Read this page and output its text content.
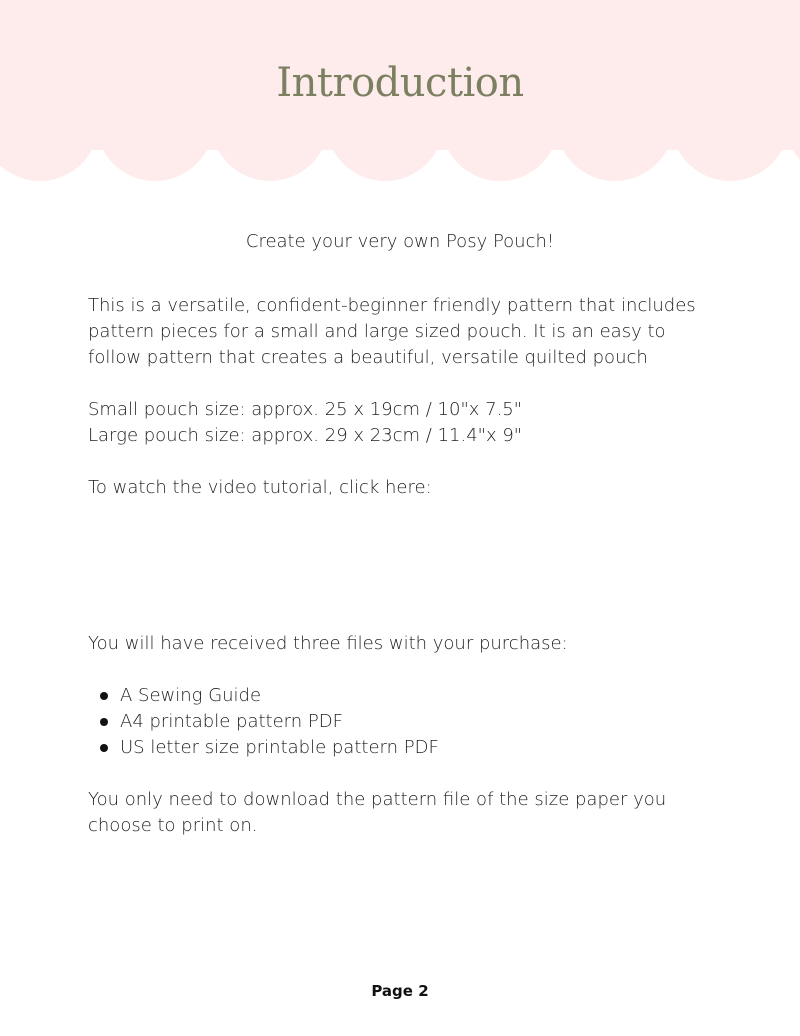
Introduction

Create your very own Posy Pouch!

This is a versatile, confident-beginner friendly pattern that includes
pattern pieces for a small and large sized pouch. It is an easy to
follow pattern that creates a beautiful, versatile quilted pouch

Small pouch size: approx. 25 x 19cm / 10"x 7.5"
Large pouch size: approx. 29 x 23cm / 11.4"x 9"

To watch the video tutorial, click here:

You will have received three files with your purchase:

A Sewing Guide
A4 printable pattern PDF
US letter size printable pattern PDF

You only need to download the pattern file of the size paper you
choose to print on.

Page 2
